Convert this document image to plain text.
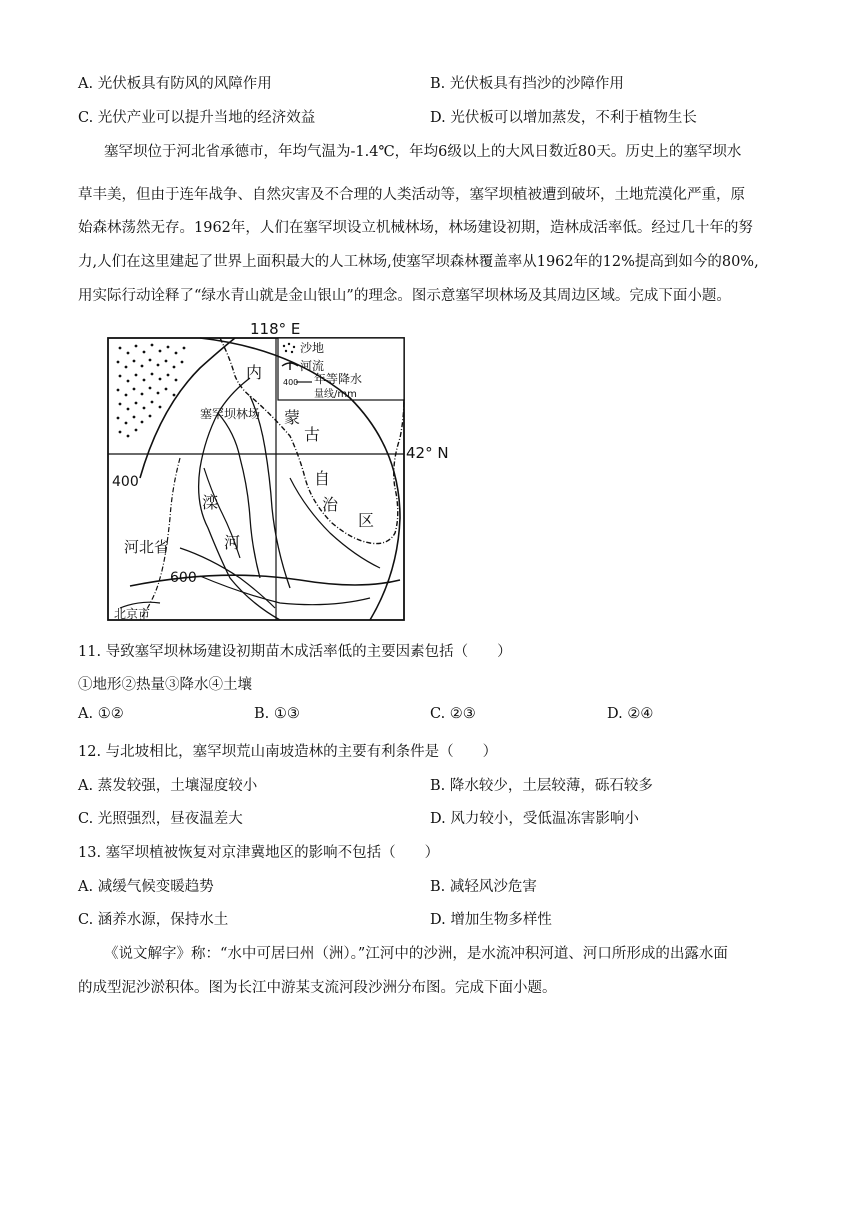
A. 光伏板具有防风的风障作用	B. 光伏板具有挡沙的沙障作用
C. 光伏产业可以提升当地的经济效益	D. 光伏板可以增加蒸发，不利于植物生长
塞罕坝位于河北省承德市，年均气温为-1.4℃，年均6级以上的大风日数近80天。历史上的塞罕坝水
草丰美，但由于连年战争、自然灾害及不合理的人类活动等，塞罕坝植被遭到破坏，土地荒漠化严重，原
始森林荡然无存。1962年，人们在塞罕坝设立机械林场，林场建设初期，造林成活率低。经过几十年的努
力,人们在这里建起了世界上面积最大的人工林场,使塞罕坝森林覆盖率从1962年的12%提高到如今的80%,
用实际行动诠释了“绿水青山就是金山银山”的理念。图示意塞罕坝林场及其周边区域。完成下面小题。
118° E
42° N
沙地
河流
400 年等降水
量线/mm
塞罕坝林场
内
蒙
古
自
治
区
滦
河
河北省
北京市
400
600
11. 导致塞罕坝林场建设初期苗木成活率低的主要因素包括（　　）
①地形②热量③降水④土壤
A. ①②	B. ①③	C. ②③	D. ②④
12. 与北坡相比，塞罕坝荒山南坡造林的主要有利条件是（　　）
A. 蒸发较强，土壤湿度较小	B. 降水较少，土层较薄，砾石较多
C. 光照强烈，昼夜温差大	D. 风力较小，受低温冻害影响小
13. 塞罕坝植被恢复对京津冀地区的影响不包括（　　）
A. 减缓气候变暖趋势	B. 减轻风沙危害
C. 涵养水源，保持水土	D. 增加生物多样性
《说文解字》称：“水中可居曰州（洲）。”江河中的沙洲，是水流冲积河道、河口所形成的出露水面
的成型泥沙淤积体。图为长江中游某支流河段沙洲分布图。完成下面小题。
